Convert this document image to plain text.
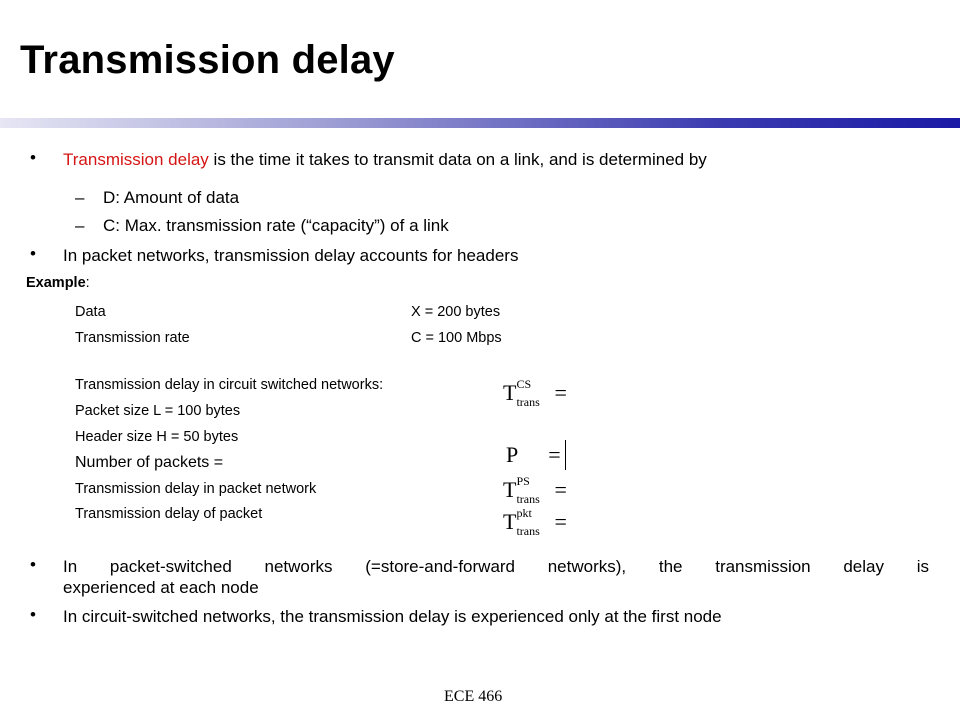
Transmission delay
• Transmission delay is the time it takes to transmit data on a link, and is determined by
– D: Amount of data
– C: Max. transmission rate (“capacity”) of a link
• In packet networks, transmission delay accounts for headers
Example:
Data	X = 200 bytes
Transmission rate	C = 100 Mbps
Transmission delay in circuit switched networks:
Packet size L = 100 bytes
Header size H = 50 bytes
Number of packets =
Transmission delay in packet network
Transmission delay of packet
T CS
trans =
P =
T PS
trans =
T pkt
trans =
• In packet-switched networks (=store-and-forward networks), the transmission delay is
experienced at each node
• In circuit-switched networks, the transmission delay is experienced only at the first node
ECE 466
